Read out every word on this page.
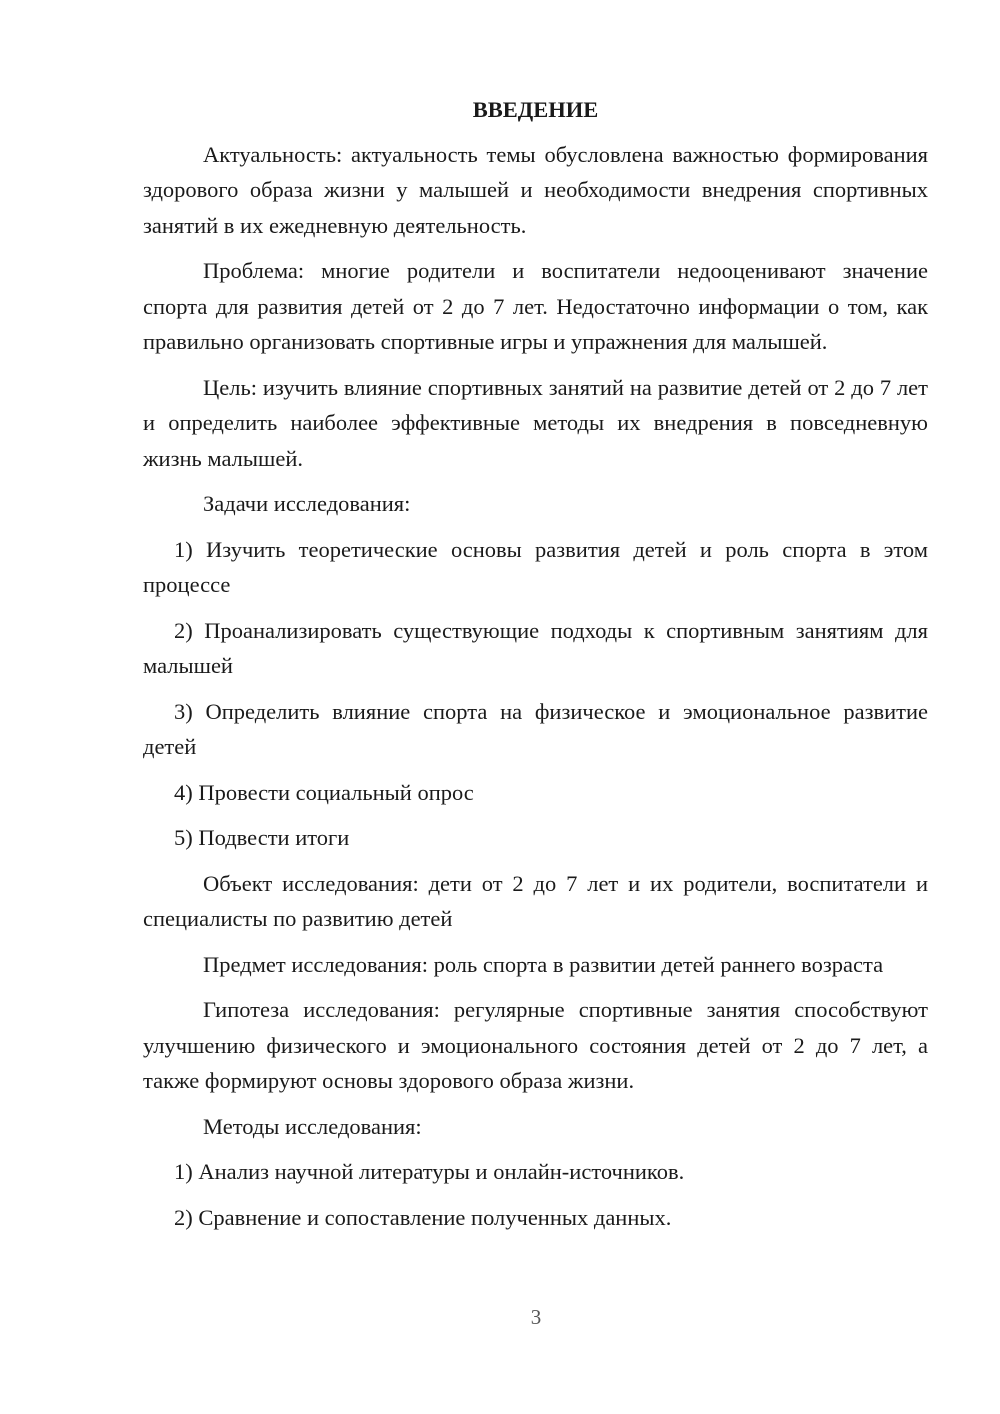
ВВЕДЕНИЕ

Актуальность: актуальность темы обусловлена важностью формирования здорового образа жизни у малышей и необходимости внедрения спортивных занятий в их ежедневную деятельность.

Проблема: многие родители и воспитатели недооценивают значение спорта для развития детей от 2 до 7 лет. Недостаточно информации о том, как правильно организовать спортивные игры и упражнения для малышей.

Цель: изучить влияние спортивных занятий на развитие детей от 2 до 7 лет и определить наиболее эффективные методы их внедрения в повседневную жизнь малышей.

Задачи исследования:

1) Изучить теоретические основы развития детей и роль спорта в этом процессе

2) Проанализировать существующие подходы к спортивным занятиям для малышей

3) Определить влияние спорта на физическое и эмоциональное развитие детей

4) Провести социальный опрос

5) Подвести итоги

Объект исследования: дети от 2 до 7 лет и их родители, воспитатели и специалисты по развитию детей

Предмет исследования: роль спорта в развитии детей раннего возраста

Гипотеза исследования: регулярные спортивные занятия способствуют улучшению физического и эмоционального состояния детей от 2 до 7 лет, а также формируют основы здорового образа жизни.

Методы исследования:

1) Анализ научной литературы и онлайн-источников.

2) Сравнение и сопоставление полученных данных.

3
